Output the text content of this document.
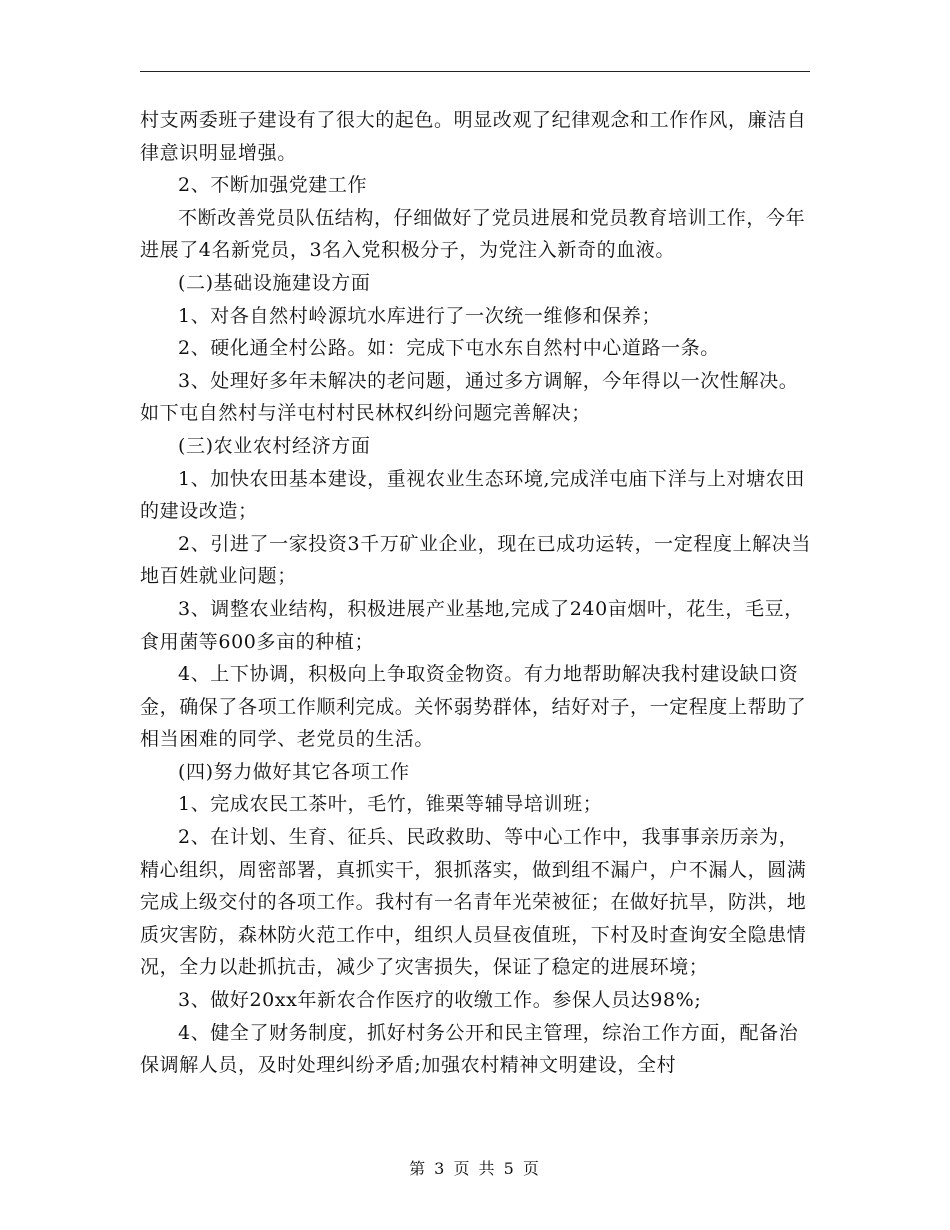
村支两委班子建设有了很大的起色。明显改观了纪律观念和工作作风，廉洁自律意识明显增强。

2、不断加强党建工作

不断改善党员队伍结构，仔细做好了党员进展和党员教育培训工作，今年进展了4名新党员，3名入党积极分子，为党注入新奇的血液。

(二)基础设施建设方面

1、对各自然村岭源坑水库进行了一次统一维修和保养；

2、硬化通全村公路。如：完成下屯水东自然村中心道路一条。

3、处理好多年未解决的老问题，通过多方调解，今年得以一次性解决。如下屯自然村与洋屯村村民林权纠纷问题完善解决；

(三)农业农村经济方面

1、加快农田基本建设，重视农业生态环境,完成洋屯庙下洋与上对塘农田的建设改造；

2、引进了一家投资3千万矿业企业，现在已成功运转，一定程度上解决当地百姓就业问题；

3、调整农业结构，积极进展产业基地,完成了240亩烟叶，花生，毛豆，食用菌等600多亩的种植；

4、上下协调，积极向上争取资金物资。有力地帮助解决我村建设缺口资金，确保了各项工作顺利完成。关怀弱势群体，结好对子，一定程度上帮助了相当困难的同学、老党员的生活。

(四)努力做好其它各项工作

1、完成农民工茶叶，毛竹，锥栗等辅导培训班；

2、在计划、生育、征兵、民政救助、等中心工作中，我事事亲历亲为，精心组织，周密部署，真抓实干，狠抓落实，做到组不漏户，户不漏人，圆满完成上级交付的各项工作。我村有一名青年光荣被征；在做好抗旱，防洪，地质灾害防，森林防火范工作中，组织人员昼夜值班，下村及时查询安全隐患情况，全力以赴抓抗击，减少了灾害损失，保证了稳定的进展环境；

3、做好20xx年新农合作医疗的收缴工作。参保人员达98%;

4、健全了财务制度，抓好村务公开和民主管理，综治工作方面，配备治保调解人员，及时处理纠纷矛盾;加强农村精神文明建设，全村

第 3 页 共 5 页
